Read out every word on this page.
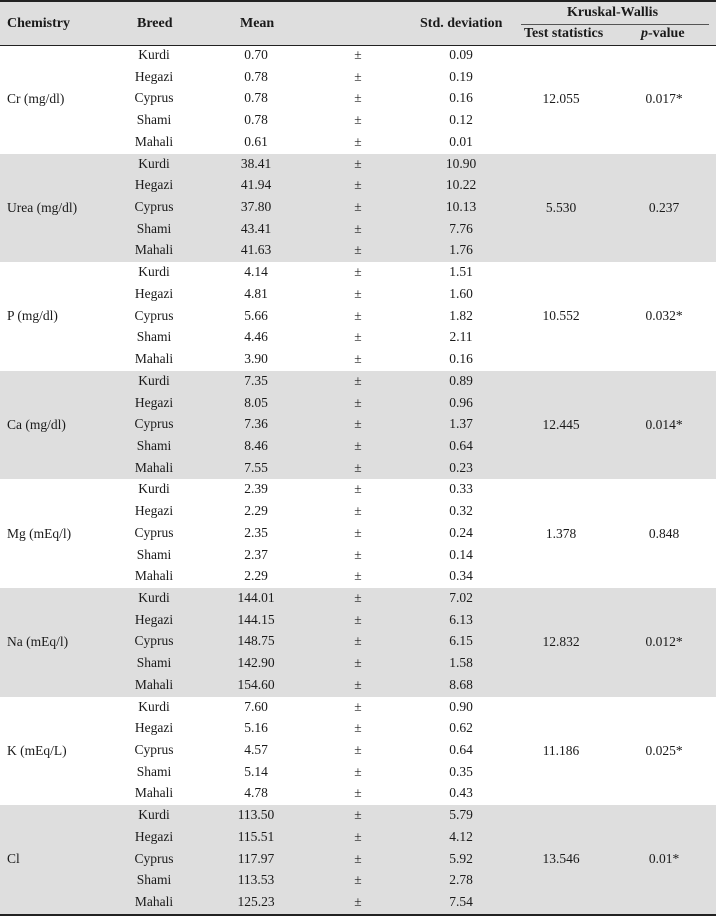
Chemistry	Breed	Mean	Std. deviation
Kruskal-Wallis
Test statistics	p-value
Cr (mg/dl)	12.055	0.017*
Kurdi	0.70	±	0.09
Hegazi	0.78	±	0.19
Cyprus	0.78	±	0.16
Shami	0.78	±	0.12
Mahali	0.61	±	0.01
Urea (mg/dl)	5.530	0.237
Kurdi	38.41	±	10.90
Hegazi	41.94	±	10.22
Cyprus	37.80	±	10.13
Shami	43.41	±	7.76
Mahali	41.63	±	1.76
P (mg/dl)	10.552	0.032*
Kurdi	4.14	±	1.51
Hegazi	4.81	±	1.60
Cyprus	5.66	±	1.82
Shami	4.46	±	2.11
Mahali	3.90	±	0.16
Ca (mg/dl)	12.445	0.014*
Kurdi	7.35	±	0.89
Hegazi	8.05	±	0.96
Cyprus	7.36	±	1.37
Shami	8.46	±	0.64
Mahali	7.55	±	0.23
Mg (mEq/l)	1.378	0.848
Kurdi	2.39	±	0.33
Hegazi	2.29	±	0.32
Cyprus	2.35	±	0.24
Shami	2.37	±	0.14
Mahali	2.29	±	0.34
Na (mEq/l)	12.832	0.012*
Kurdi	144.01	±	7.02
Hegazi	144.15	±	6.13
Cyprus	148.75	±	6.15
Shami	142.90	±	1.58
Mahali	154.60	±	8.68
K (mEq/L)	11.186	0.025*
Kurdi	7.60	±	0.90
Hegazi	5.16	±	0.62
Cyprus	4.57	±	0.64
Shami	5.14	±	0.35
Mahali	4.78	±	0.43
Cl	13.546	0.01*
Kurdi	113.50	±	5.79
Hegazi	115.51	±	4.12
Cyprus	117.97	±	5.92
Shami	113.53	±	2.78
Mahali	125.23	±	7.54
